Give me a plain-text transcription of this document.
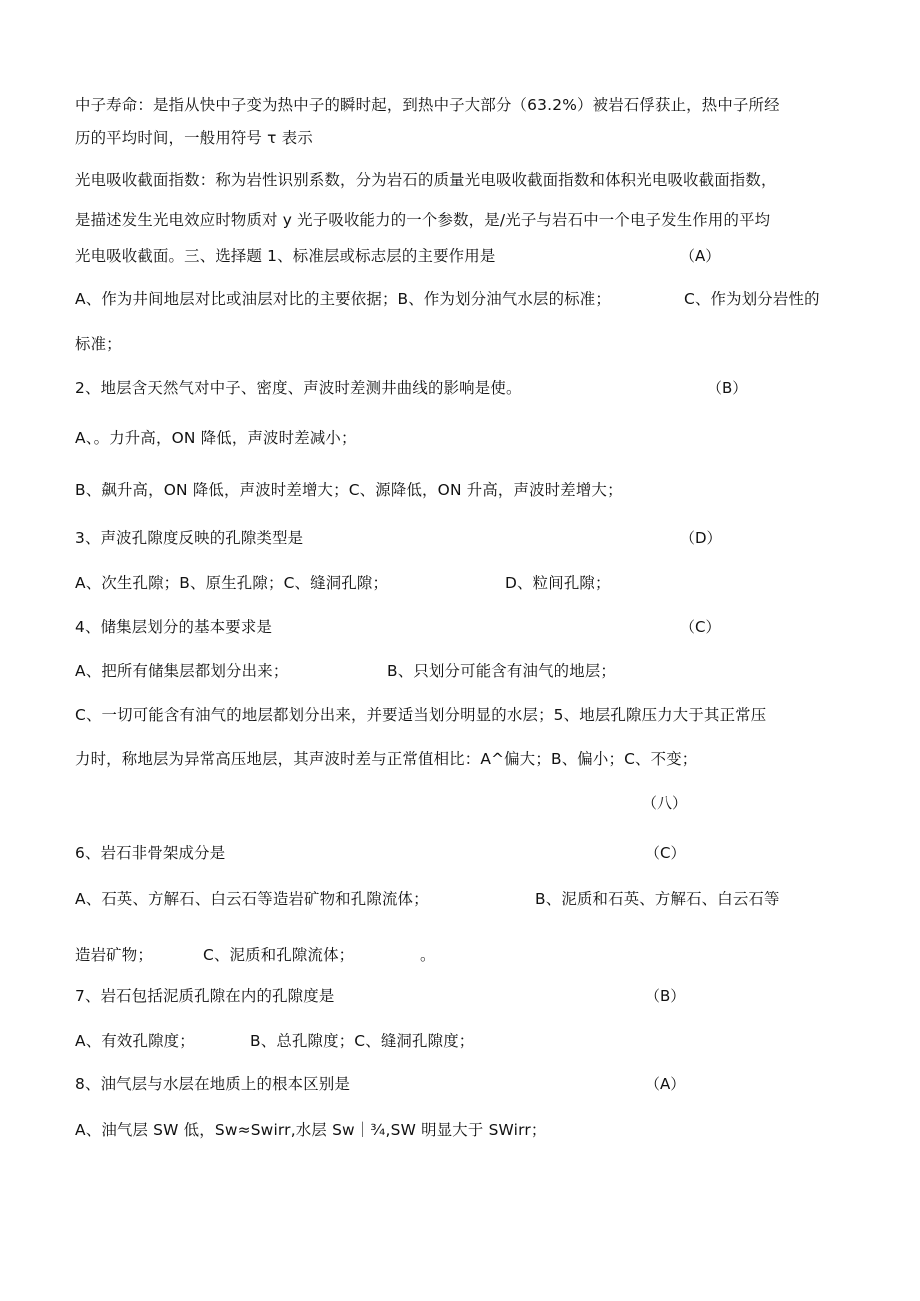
中子寿命：是指从快中子变为热中子的瞬时起，到热中子大部分（63.2%）被岩石俘获止，热中子所经
历的平均时间，一般用符号 τ 表示
光电吸收截面指数：称为岩性识别系数，分为岩石的质量光电吸收截面指数和体积光电吸收截面指数，
是描述发生光电效应时物质对 y 光子吸收能力的一个参数，是/光子与岩石中一个电子发生作用的平均
光电吸收截面。三、选择题 1、标准层或标志层的主要作用是	（A）
A、作为井间地层对比或油层对比的主要依据；B、作为划分油气水层的标准；	C、作为划分岩性的
标准；
2、地层含天然气对中子、密度、声波时差测井曲线的影响是使。	（B）
A、。力升高，ON 降低，声波时差减小；
B、飙升高，ON 降低，声波时差增大；C、源降低，ON 升高，声波时差增大；
3、声波孔隙度反映的孔隙类型是	（D）
A、次生孔隙；B、原生孔隙；C、缝洞孔隙；	D、粒间孔隙；
4、储集层划分的基本要求是	（C）
A、把所有储集层都划分出来；	B、只划分可能含有油气的地层；
C、一切可能含有油气的地层都划分出来，并要适当划分明显的水层；5、地层孔隙压力大于其正常压
力时，称地层为异常高压地层，其声波时差与正常值相比：A^偏大；B、偏小；C、不变；
（八）
6、岩石非骨架成分是	（C）
A、石英、方解石、白云石等造岩矿物和孔隙流体；	B、泥质和石英、方解石、白云石等
造岩矿物；	C、泥质和孔隙流体；	。
7、岩石包括泥质孔隙在内的孔隙度是	（B）
A、有效孔隙度；	B、总孔隙度；C、缝洞孔隙度；
8、油气层与水层在地质上的根本区别是	（A）
A、油气层 SW 低，Sw≈Swirr,水层 Sw｜¾,SW 明显大于 SWirr；
